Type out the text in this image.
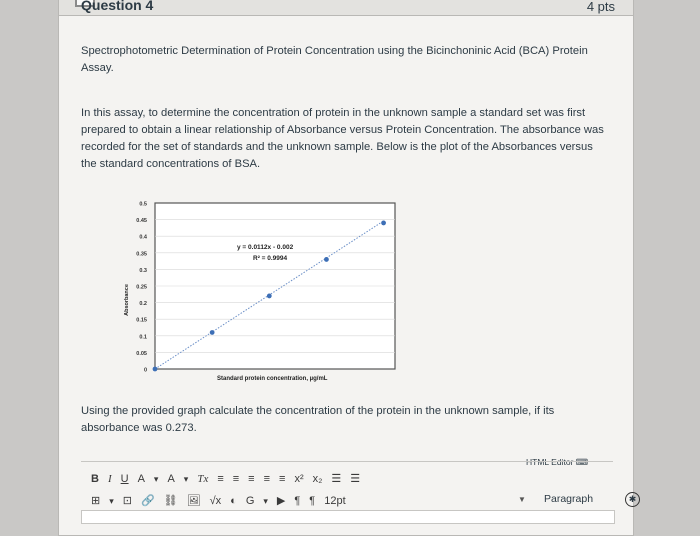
Question 4	4 pts
Spectrophotometric Determination of Protein Concentration using the Bicinchoninic Acid (BCA) Protein Assay.
In this assay, to determine the concentration of protein in the unknown sample a standard set was first prepared to obtain a linear relationship of Absorbance versus Protein Concentration. The absorbance was recorded for the set of standards and the unknown sample. Below is the plot of the Absorbances versus the standard concentrations of BSA.
0
0.05
0.1
0.15
0.2
0.25
0.3
0.35
0.4
0.45
0.5
y = 0.0112x - 0.002
R² = 0.9994
Standard protein concentration, µg/mL
Absorbance
Using the provided graph calculate the concentration of the protein in the unknown sample, if its absorbance was 0.273.
HTML Editor ⌨
B I U A ▾ A ▾ Tx ≡ ≡ ≡ ≡ ≡ x² x₂ ☰ ☰
⊞ ▾ ⊡ 🔗 ⛓ 🖼 √x ◐ G ▾ ▶ ¶ ¶ 12pt	▼ Paragraph	✱
